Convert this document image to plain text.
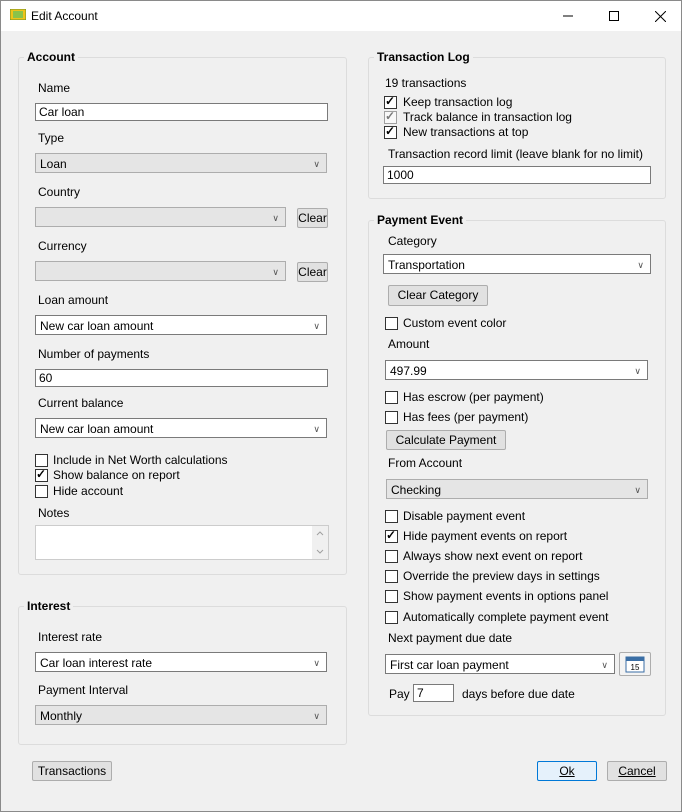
Edit Account
Account
Name
Car loan
Type
Loan	∨
Country
∨ Clear
Currency
∨ Clear
Loan amount
New car loan amount	∨
Number of payments
60
Current balance
New car loan amount	∨
Include in Net Worth calculations
✓
Show balance on report
Hide account
Notes
Interest
Interest rate
Car loan interest rate	∨
Payment Interval
Monthly	∨
Transaction Log
19 transactions
✓
Keep transaction log
✓
Track balance in transaction log
✓
New transactions at top
Transaction record limit (leave blank for no limit)
1000
Payment Event
Category
Transportation	∨
Clear Category
Custom event color
Amount
497.99	∨
Has escrow (per payment)
Has fees (per payment)
Calculate Payment
From Account
Checking	∨
Disable payment event
✓
Hide payment events on report
Always show next event on report
Override the preview days in settings
Show payment events in options panel
Automatically complete payment event
Next payment due date
First car loan payment	∨	15
Pay 7	days before due date
Transactions	Ok	Cancel
